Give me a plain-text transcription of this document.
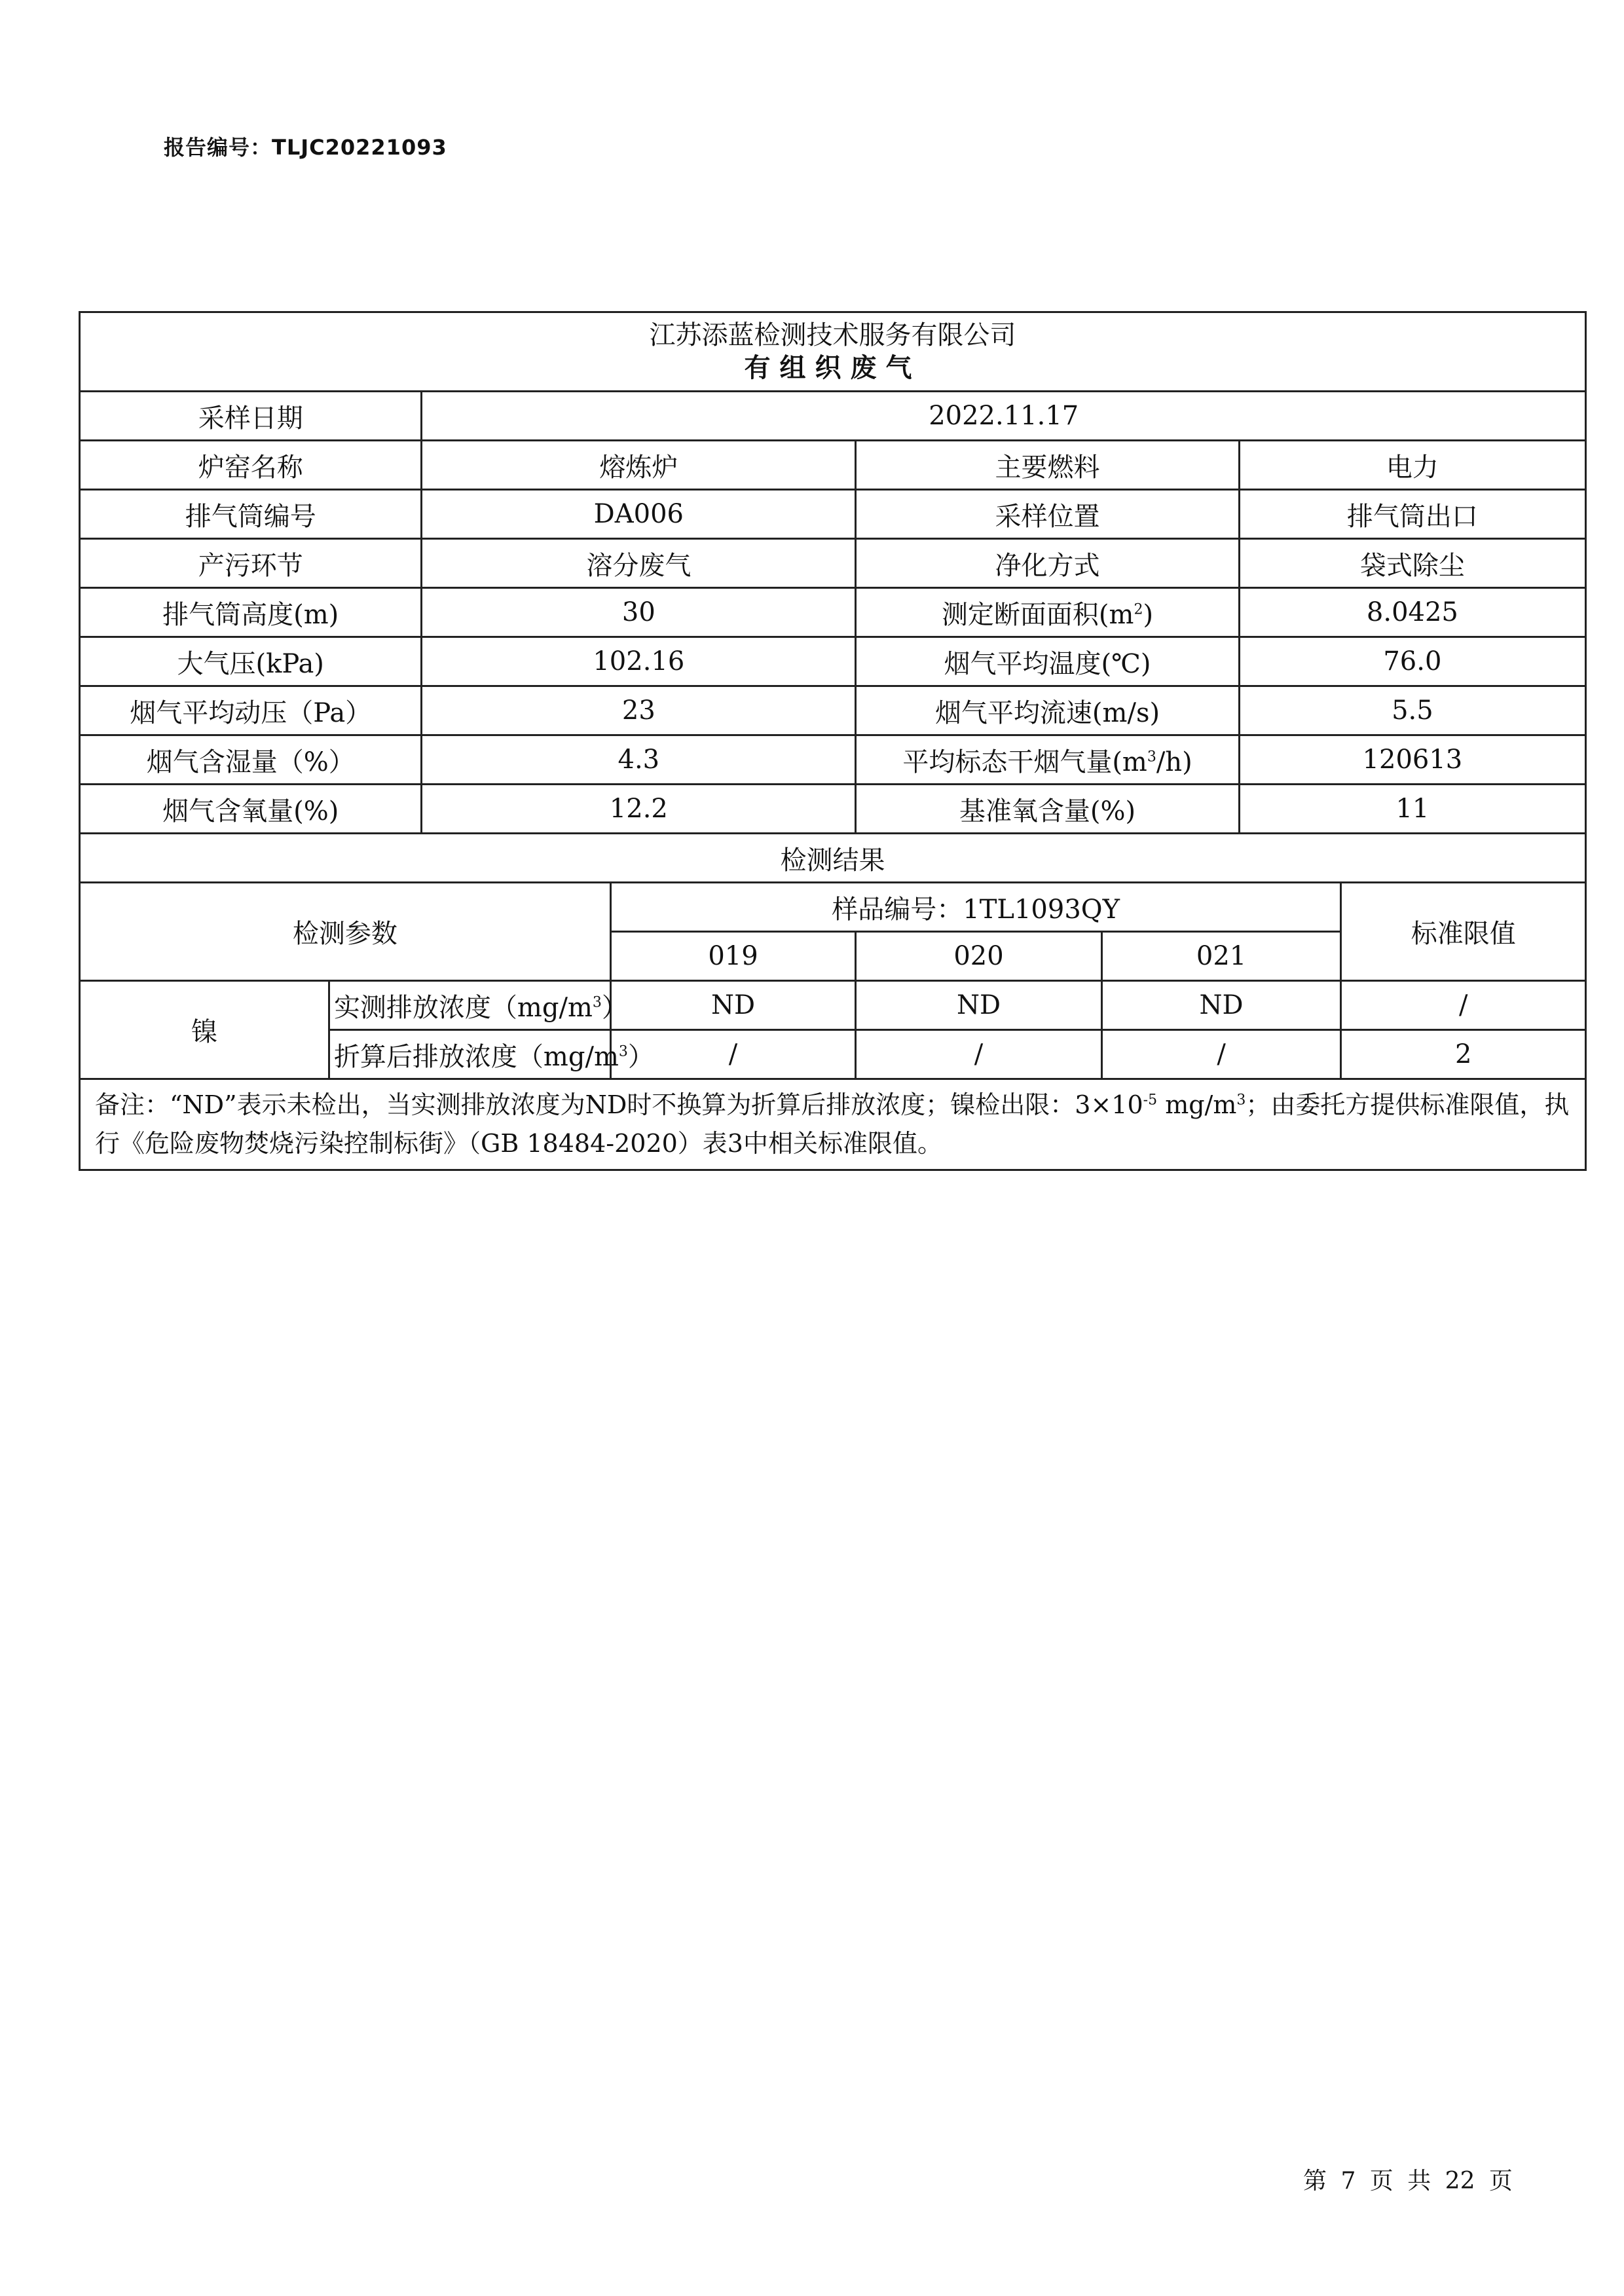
报告编号：TLJC20221093
江苏添蓝检测技术服务有限公司
有组织废气							

采样日期		2022.11.17					
炉窑名称		熔炼炉		主要燃料		电力	
排气筒编号		DA006		采样位置		排气筒出口	
产污环节		溶分废气		净化方式		袋式除尘	
排气筒高度(m)		30		测定断面面积$(m^2)$		8.0425	
大气压(kPa)		102.16		烟气平均温度(℃)		76.0	
烟气平均动压（Pa）		23		烟气平均流速(m/s)		5.5	
烟气含湿量（%）		4.3		平均标态干烟气量$(m^3/h)$		120613	
烟气含氧量(%)		12.2		基准氧含量(%)		11	
检测结果							
检测参数			样品编号：1TL1093QY				标准限值
			019	020	021		
镍	实测排放浓度$(mg/m^3)$		ND	ND	ND		/
	折算后排放浓度$(mg/m^3)$		/	/	/		2
备注：“ND”表示未检出，当实测排放浓度为ND时不换算为折算后排放浓度；镍检出限：$3\times 10^{-5}$ $mg/m^3$；由委托方提供标准限值，执行《危险废物焚烧污染控制标街》（GB 18484-2020）表3中相关标准限值。							
第 7 页 共 22 页
